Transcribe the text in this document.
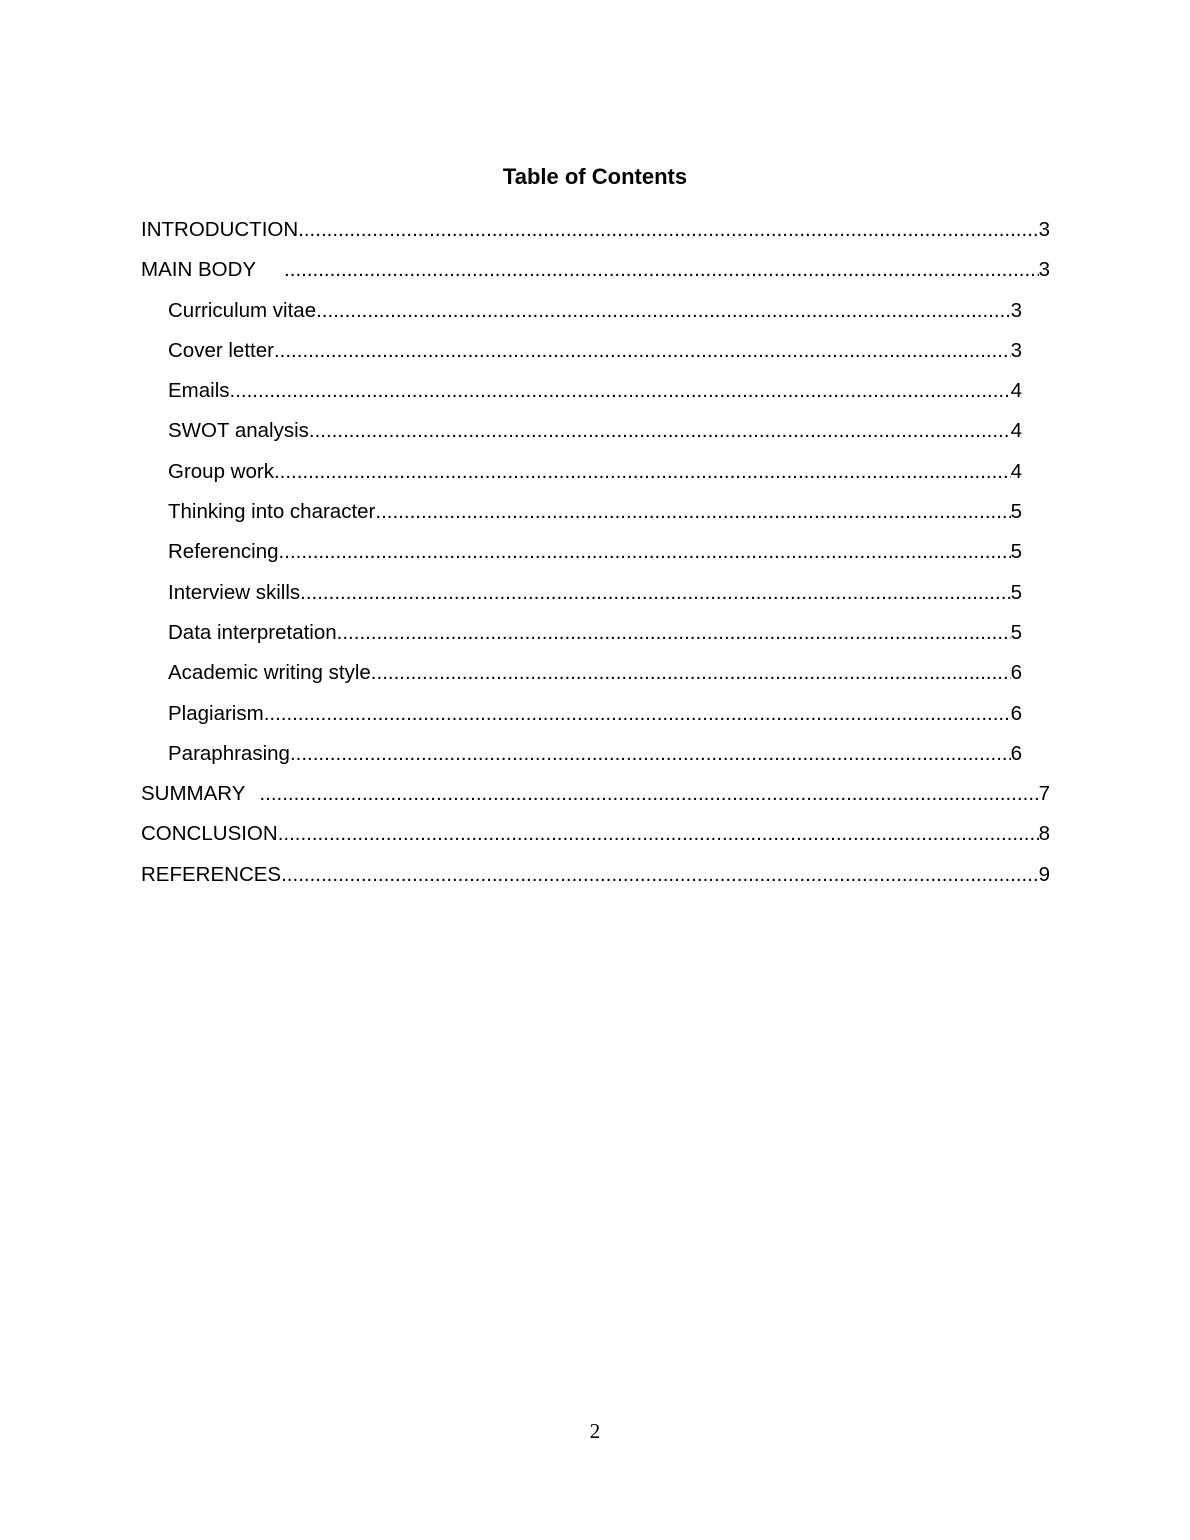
Table of Contents
INTRODUCTION .....	3
MAIN BODY .....	3
Curriculum vitae .....	3
Cover letter .....	3
Emails .....	4
SWOT analysis .....	4
Group work .....	4
Thinking into character .....	5
Referencing .....	5
Interview skills .....	5
Data interpretation .....	5
Academic writing style .....	6
Plagiarism .....	6
Paraphrasing .....	6
SUMMARY .....	7
CONCLUSION .....	8
REFERENCES .....	9
2
